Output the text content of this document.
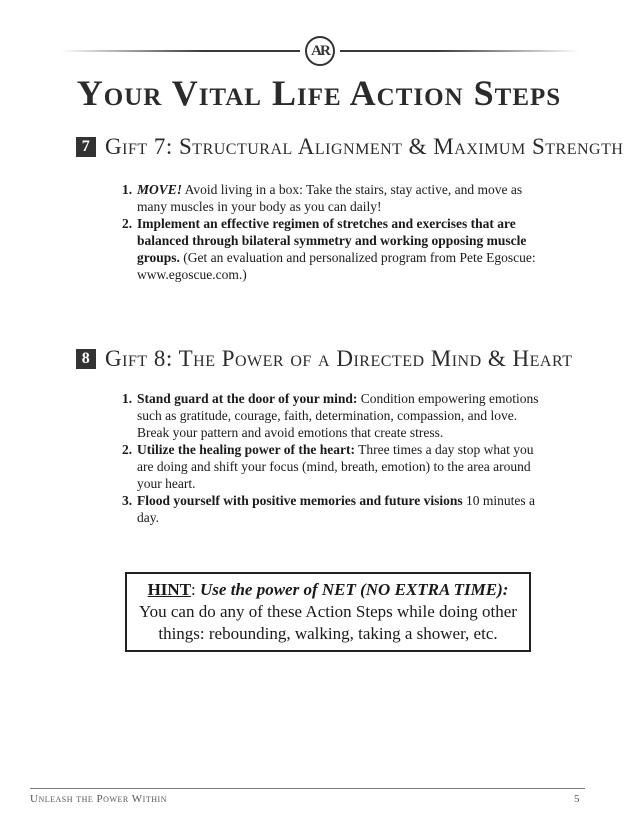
AR
Your Vital Life Action Steps
7 Gift 7: Structural Alignment & Maximum Strength
1. MOVE! Avoid living in a box: Take the stairs, stay active, and move as many muscles in your body as you can daily!
2. Implement an effective regimen of stretches and exercises that are balanced through bilateral symmetry and working opposing muscle groups. (Get an evaluation and personalized program from Pete Egoscue: www.egoscue.com.)
8 Gift 8: The Power of a Directed Mind & Heart
1. Stand guard at the door of your mind: Condition empowering emotions such as gratitude, courage, faith, determination, compassion, and love. Break your pattern and avoid emotions that create stress.
2. Utilize the healing power of the heart: Three times a day stop what you are doing and shift your focus (mind, breath, emotion) to the area around your heart.
3. Flood yourself with positive memories and future visions 10 minutes a day.
HINT: Use the power of NET (NO EXTRA TIME):
You can do any of these Action Steps while doing other
things: rebounding, walking, taking a shower, etc.
Unleash the Power Within	5
